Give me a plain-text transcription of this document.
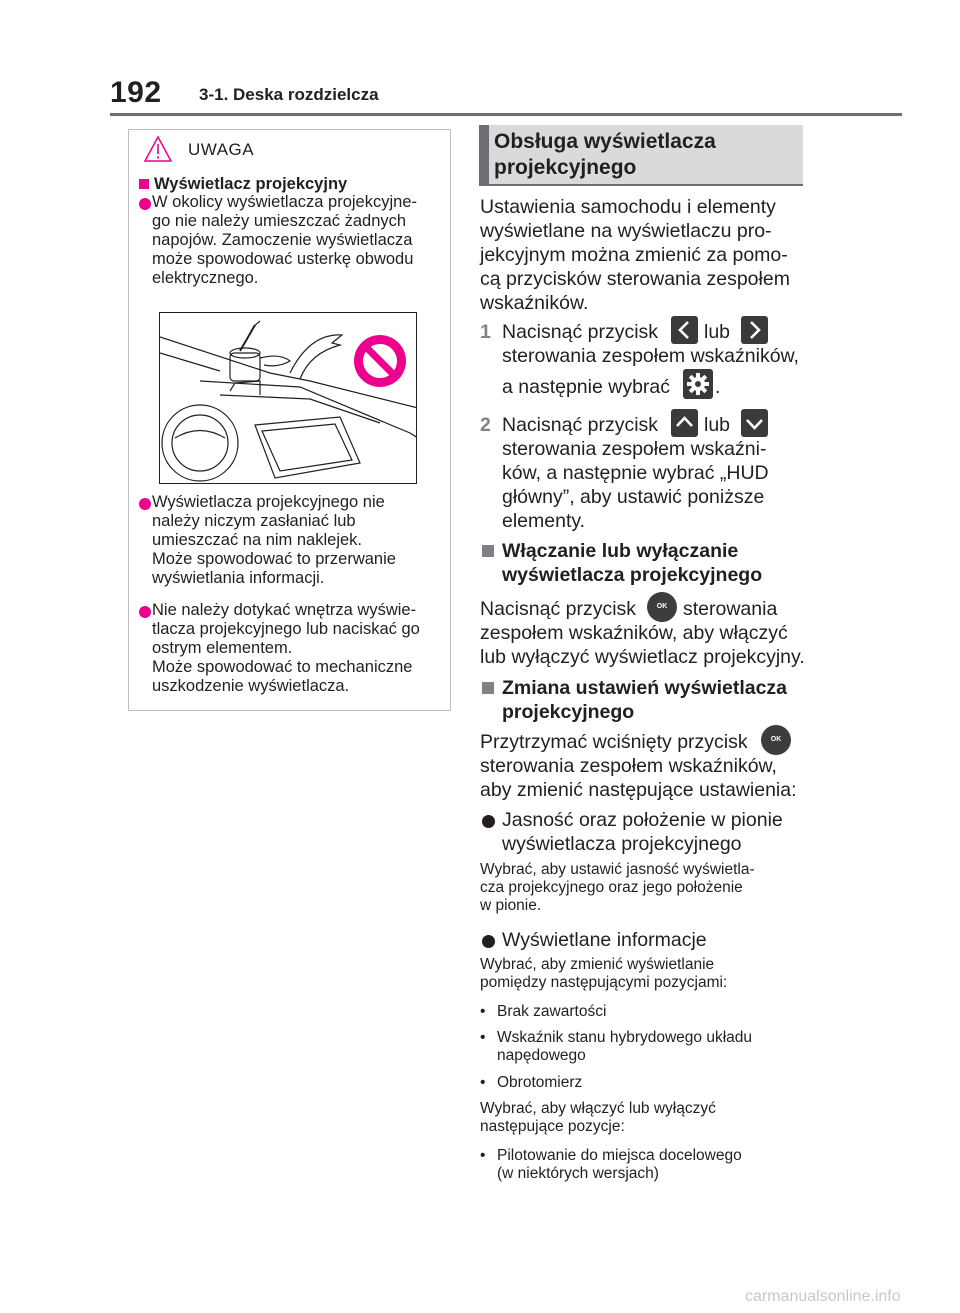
192 3-1. Deska rozdzielcza
UWAGA
Wyświetlacz projekcyjny
W okolicy wyświetlacza projekcyjne-
go nie należy umieszczać żadnych
napojów. Zamoczenie wyświetlacza
może spowodować usterkę obwodu
elektrycznego.
Wyświetlacza projekcyjnego nie
należy niczym zasłaniać lub
umieszczać na nim naklejek.
Może spowodować to przerwanie
wyświetlania informacji.
Nie należy dotykać wnętrza wyświe-
tlacza projekcyjnego lub naciskać go
ostrym elementem.
Może spowodować to mechaniczne
uszkodzenie wyświetlacza.
Obsługa wyświetlacza
projekcyjnego
Ustawienia samochodu i elementy
wyświetlane na wyświetlaczu pro-
jekcyjnym można zmienić za pomo-
cą przycisków sterowania zespołem
wskaźników.
1 Nacisnąć przycisk lub
sterowania zespołem wskaźników,
a następnie wybrać .
2 Nacisnąć przycisk lub
sterowania zespołem wskaźni-
ków, a następnie wybrać „HUD
główny”, aby ustawić poniższe
elementy.
Włączanie lub wyłączanie
wyświetlacza projekcyjnego
Nacisnąć przycisk	OK sterowania
zespołem wskaźników, aby włączyć
lub wyłączyć wyświetlacz projekcyjny.
Zmiana ustawień wyświetlacza
projekcyjnego
Przytrzymać wciśnięty przycisk	OK
sterowania zespołem wskaźników,
aby zmienić następujące ustawienia:
Jasność oraz położenie w pionie
wyświetlacza projekcyjnego
Wybrać, aby ustawić jasność wyświetla-
cza projekcyjnego oraz jego położenie
w pionie.
Wyświetlane informacje
Wybrać, aby zmienić wyświetlanie
pomiędzy następującymi pozycjami:
• Brak zawartości
• Wskaźnik stanu hybrydowego układu
napędowego
• Obrotomierz
Wybrać, aby włączyć lub wyłączyć
następujące pozycje:
• Pilotowanie do miejsca docelowego
(w niektórych wersjach)
carmanualsonline.info
